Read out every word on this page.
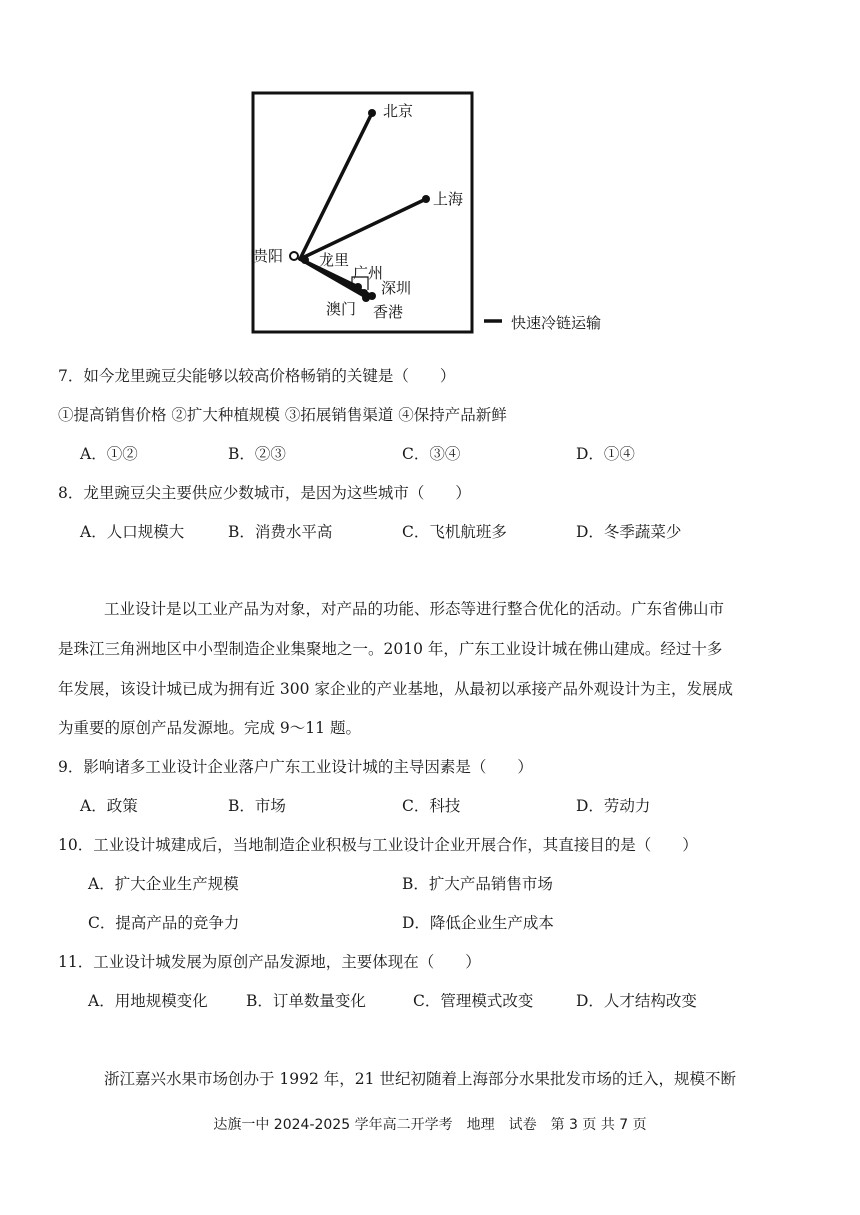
北京
上海
贵阳 龙里
广州
深圳
澳门 香港
快速冷链运输
7．如今龙里豌豆尖能够以较高价格畅销的关键是（　　）
①提高销售价格 ②扩大种植规模 ③拓展销售渠道 ④保持产品新鲜
A．①②	B．②③	C．③④	D．①④
8．龙里豌豆尖主要供应少数城市，是因为这些城市（　　）
A．人口规模大	B．消费水平高	C．飞机航班多	D．冬季蔬菜少
工业设计是以工业产品为对象，对产品的功能、形态等进行整合优化的活动。广东省佛山市
是珠江三角洲地区中小型制造企业集聚地之一。2010 年，广东工业设计城在佛山建成。经过十多
年发展，该设计城已成为拥有近 300 家企业的产业基地，从最初以承接产品外观设计为主，发展成
为重要的原创产品发源地。完成 9～11 题。
9．影响诸多工业设计企业落户广东工业设计城的主导因素是（　　）
A．政策	B．市场	C．科技	D．劳动力
10．工业设计城建成后，当地制造企业积极与工业设计企业开展合作，其直接目的是（　　）
A．扩大企业生产规模	B．扩大产品销售市场
C．提高产品的竞争力	D．降低企业生产成本
11．工业设计城发展为原创产品发源地，主要体现在（　　）
A．用地规模变化 B．订单数量变化	C．管理模式改变	D．人才结构改变
浙江嘉兴水果市场创办于 1992 年，21 世纪初随着上海部分水果批发市场的迁入，规模不断
达旗一中 2024-2025 学年高二开学考　地理　试卷　第 3 页 共 7 页
